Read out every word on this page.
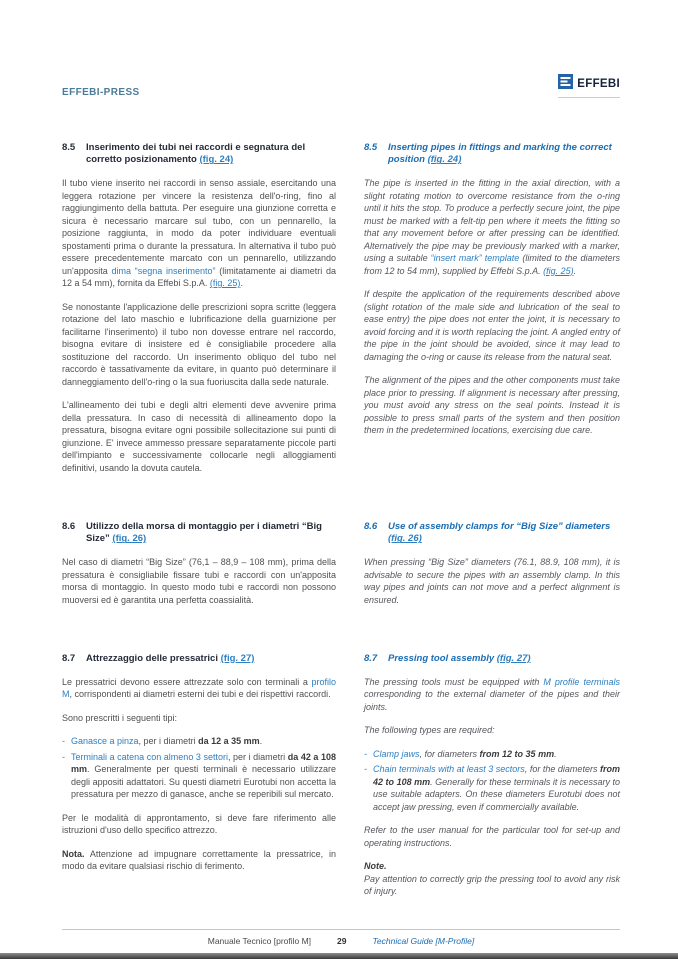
EFFEBI-PRESS
EFFEBI
8.5	Inserimento dei tubi nei raccordi e segnatura del corretto posizionamento (fig. 24)

Il tubo viene inserito nei raccordi in senso assiale, esercitando una leggera rotazione per vincere la resistenza dell'o-ring, fino al raggiungimento della battuta. Per eseguire una giunzione corretta e sicura è necessario marcare sul tubo, con un pennarello, la posizione raggiunta, in modo da poter individuare eventuali spostamenti prima o durante la pressatura. In alternativa il tubo può essere precedentemente marcato con un pennarello, utilizzando un'apposita dima “segna inserimento” (limitatamente ai diametri da 12 a 54 mm), fornita da Effebi S.p.A. (fig. 25).

Se nonostante l'applicazione delle prescrizioni sopra scritte (leggera rotazione del lato maschio e lubrificazione della guarnizione per facilitarne l'inserimento) il tubo non dovesse entrare nel raccordo, bisogna evitare di insistere ed è consigliabile procedere alla sostituzione del raccordo. Un inserimento obliquo del tubo nel raccordo è tassativamente da evitare, in quanto può determinare il danneggiamento dell'o-ring o la sua fuoriuscita dalla sede naturale.

L'allineamento dei tubi e degli altri elementi deve avvenire prima della pressatura. In caso di necessità di allineamento dopo la pressatura, bisogna evitare ogni possibile sollecitazione sui punti di giunzione. E' invece ammesso pressare separatamente piccole parti dell'impianto e successivamente collocarle negli alloggiamenti definitivi, usando la dovuta cautela.

8.5	Inserting pipes in fittings and marking the correct position (fig. 24)

The pipe is inserted in the fitting in the axial direction, with a slight rotating motion to overcome resistance from the o-ring until it hits the stop. To produce a perfectly secure joint, the pipe must be marked with a felt-tip pen where it meets the fitting so that any movement before or after pressing can be identified. Alternatively the pipe may be previously marked with a marker, using a suitable “insert mark” template (limited to the diameters from 12 to 54 mm), supplied by Effebi S.p.A. (fig. 25).

If despite the application of the requirements described above (slight rotation of the male side and lubrication of the seal to ease entry) the pipe does not enter the joint, it is necessary to avoid forcing and it is worth replacing the joint. A angled entry of the pipe in the joint should be avoided, since it may lead to damaging the o-ring or cause its release from the natural seat.

The alignment of the pipes and the other components must take place prior to pressing. If alignment is necessary after pressing, you must avoid any stress on the seal points. Instead it is possible to press small parts of the system and then position them in the predetermined locations, exercising due care.

8.6	Utilizzo della morsa di montaggio per i diametri “Big Size” (fig. 26)

Nel caso di diametri “Big Size” (76,1 – 88,9 – 108 mm), prima della pressatura è consigliabile fissare tubi e raccordi con un'apposita morsa di montaggio. In questo modo tubi e raccordi non possono muoversi ed è garantita una perfetta coassialità.

8.6	Use of assembly clamps for “Big Size” diameters (fig. 26)

When pressing “Big Size” diameters (76.1, 88.9, 108 mm), it is advisable to secure the pipes with an assembly clamp. In this way pipes and joints can not move and a perfect alignment is ensured.

8.7	Attrezzaggio delle pressatrici (fig. 27)

Le pressatrici devono essere attrezzate solo con terminali a profilo M, corrispondenti ai diametri esterni dei tubi e dei rispettivi raccordi.

Sono prescritti i seguenti tipi:

- Ganasce a pinza, per i diametri da 12 a 35 mm.
- Terminali a catena con almeno 3 settori, per i diametri da 42 a 108 mm. Generalmente per questi terminali è necessario utilizzare degli appositi adattatori. Su questi diametri Eurotubi non accetta la pressatura per mezzo di ganasce, anche se reperibili sul mercato.

Per le modalità di approntamento, si deve fare riferimento alle istruzioni d'uso dello specifico attrezzo.

Nota. Attenzione ad impugnare correttamente la pressatrice, in modo da evitare qualsiasi rischio di ferimento.

8.7	Pressing tool assembly (fig. 27)

The pressing tools must be equipped with M profile terminals corresponding to the external diameter of the pipes and their joints.

The following types are required:

- Clamp jaws, for diameters from 12 to 35 mm.
- Chain terminals with at least 3 sectors, for the diameters from 42 to 108 mm. Generally for these terminals it is necessary to use suitable adapters. On these diameters Eurotubi does not accept jaw pressing, even if commercially available.

Refer to the user manual for the particular tool for set-up and operating instructions.

Note.
Pay attention to correctly grip the pressing tool to avoid any risk of injury.

Manuale Tecnico [profilo M]	29	Technical Guide [M-Profile]
